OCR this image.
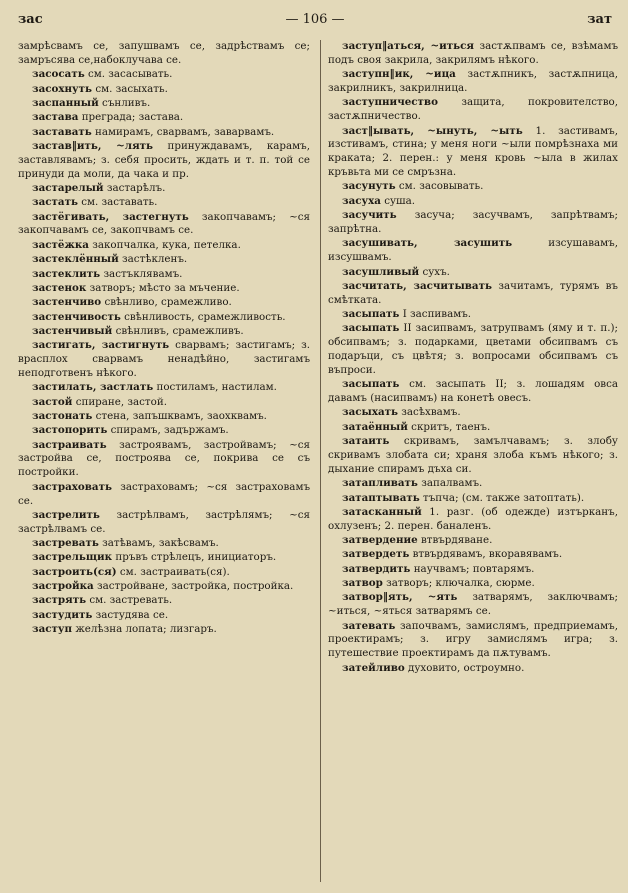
зас	— 106 —	зат

замрѣсвамъ се, запушвамъ се, задрѣствамъ се; замръсява се,набоклучава се.

засосать см. засасывать.

засохнуть см. засыхать.

заспанный сънливъ.

застава преграда; застава.

заставать намирамъ, сварвамъ, заварвамъ.

застав‖ить, ~лять принуждавамъ, карамъ, заставлявамъ; з. себя просить, ждать и т. п. той се принуди да моли, да чака и пр.

застарелый застарѣлъ.

застать см. заставать.

застёгивать, застегнуть закопчавамъ; ~ся закопчавамъ се, закопчвамъ се.

застёжка закопчалка, кука, петелка.

застеклённый застѣкленъ.

застеклить застъклявамъ.

застенок затворъ; мѣсто за мъчение.

застенчиво свѣнливо, срамежливо.

застенчивость свѣнливость, срамежливость.

застенчивый свѣнливъ, срамежливъ.

застигать, застигнуть сварвамъ; застигамъ; з. врасплох сварвамъ ненадѣйно, застигамъ неподготвенъ нѣкого.

застилать, застлать постиламъ, настилам.

застой спиране, застой.

застонать стена, запъшквамъ, заохквамъ.

застопорить спирамъ, задържамъ.

застраивать застроявамъ, застройвамъ; ~ся застройва се, построява се, покрива се съ постройки.

застраховать застраховамъ; ~ся застраховамъ се.

застрелить застрѣлвамъ, застрѣлямъ; ~ся застрѣлвамъ се.

застревать затѣвамъ, закѣсвамъ.

застрельщик пръвъ стрѣлецъ, инициаторъ.

застроить(ся) см. застраивать(ся).

застройка застройване, застройка, постройка.

застрять см. застревать.

застудить застудява се.

заступ желѣзна лопата; лизгаръ.

заступ‖аться, ~иться застѫпвамъ се, взѣмамъ подъ своя закрила, закрилямъ нѣкого.

заступн‖ик, ~ица застѫпникъ, застѫпница, закрилникъ, закрилница.

заступничество защита, покровителство, застѫпничество.

заст‖ывать, ~ынуть, ~ыть 1. застивамъ, изстивамъ, стина; у меня ноги ~ыли помрѣзнаха ми краката; 2. перен.: у меня кровь ~ыла в жилах кръвьта ми се смръзна.

засунуть см. засовывать.

засуха суша.

засучить засуча; засучвамъ, запрѣтвамъ; запрѣтна.

засушивать, засушить	изсушавамъ, изсушвамъ.

засушливый сухъ.

засчитать, засчитывать зачитамъ, турямъ въ смѣтката.

засыпать I заспивамъ.

засыпать II засипвамъ, затрупвамъ (яму и т. п.); обсипвамъ; з. подарками, цветами обсипвамъ съ подаръци, съ цвѣтя; з. вопросами обсипвамъ съ въпроси.

засыпать см. засыпать II; з. лошадям овса давамъ (насипвамъ) на конетѣ овесъ.

засыхать засѣхвамъ.

затаённый скритъ, таенъ.

затаить скривамъ, замълчавамъ; з. злобу скривамъ злобата си; храня злоба къмъ нѣкого; з. дыхание спирамъ дъха си.

затапливать запалвамъ.

затаптывать тъпча; (см. также затоптать).

затасканный 1. разг. (об одежде) изтърканъ, охлузенъ; 2. перен. баналенъ.

затвердение втвърдяване.

затвердеть втвърдявамъ, вкоравявамъ.

затвердить научвамъ; повтарямъ.

затвор затворъ; ключалка, сюрме.

затвор‖ять, ~ять затварямъ, заключвамъ; ~иться, ~яться затварямъ се.

затевать започвамъ, замислямъ, предприемамъ, проектирамъ; з. игру замислямъ игра; з. путешествие проектирамъ да пѫтувамъ.

затейливо духовито, остроумно.
